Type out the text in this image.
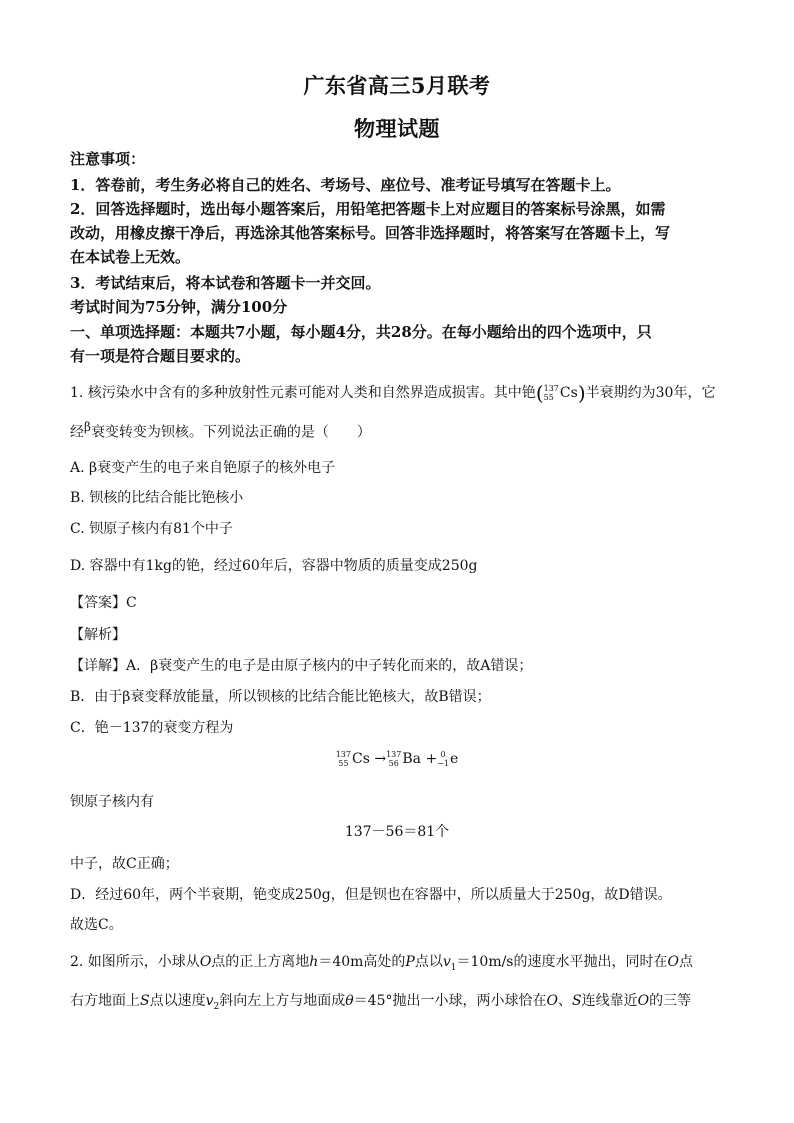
广东省高三5月联考
物理试题
注意事项：
1．答卷前，考生务必将自己的姓名、考场号、座位号、准考证号填写在答题卡上。
2．回答选择题时，选出每小题答案后，用铅笔把答题卡上对应题目的答案标号涂黑，如需
改动，用橡皮擦干净后，再选涂其他答案标号。回答非选择题时，将答案写在答题卡上，写
在本试卷上无效。
3．考试结束后，将本试卷和答题卡一并交回。
考试时间为75分钟，满分100分
一、单项选择题：本题共7小题，每小题4分，共28分。在每小题给出的四个选项中，只
有一项是符合题目要求的。
1. 核污染水中含有的多种放射性元素可能对人类和自然界造成损害。其中铯( 137
55 Cs)半衰期约为30年，它
经β衰变转变为钡核。下列说法正确的是（　　）
A. β衰变产生的电子来自铯原子的核外电子
B. 钡核的比结合能比铯核小
C. 钡原子核内有81个中子
D. 容器中有1kg的铯，经过60年后，容器中物质的质量变成250g
【答案】C
【解析】
【详解】A．β衰变产生的电子是由原子核内的中子转化而来的，故A错误；
B．由于β衰变释放能量，所以钡核的比结合能比铯核大，故B错误；
C．铯－137的衰变方程为
137
55 Cs → 137
56 Ba + 0
−1 e
钡原子核内有
137－56＝81个
中子，故C正确；
D．经过60年，两个半衰期，铯变成250g，但是钡也在容器中，所以质量大于250g，故D错误。
故选C。
2. 如图所示，小球从O点的正上方离地h＝40m高处的P点以$v_1=10m/s$的速度水平抛出，同时在O点
右方地面上S点以速度$v_2$斜向左上方与地面成θ＝45°抛出一小球，两小球恰在O、S连线靠近O的三等
